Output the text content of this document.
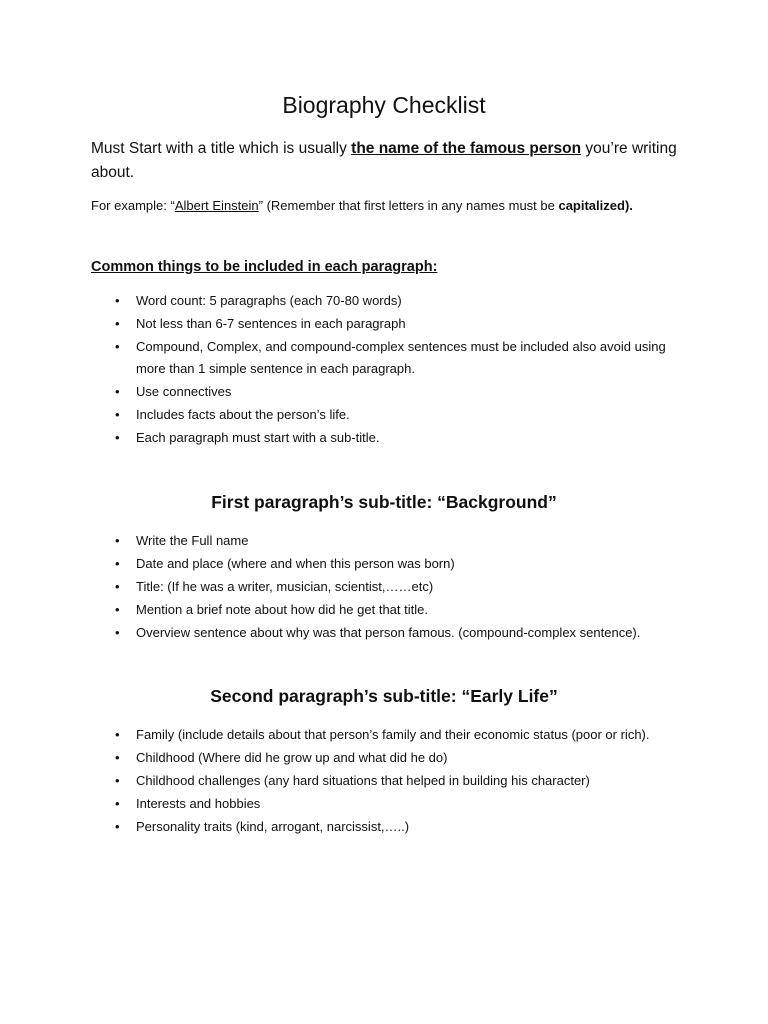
Biography Checklist

Must Start with a title which is usually the name of the famous person you’re writing about.

For example: “Albert Einstein” (Remember that first letters in any names must be capitalized).

Common things to be included in each paragraph:

• Word count: 5 paragraphs (each 70-80 words)
• Not less than 6-7 sentences in each paragraph
• Compound, Complex, and compound-complex sentences must be included also avoid using more than 1 simple sentence in each paragraph.
• Use connectives
• Includes facts about the person’s life.
• Each paragraph must start with a sub-title.
First paragraph’s sub-title: “Background”
• Write the Full name
• Date and place (where and when this person was born)
• Title: (If he was a writer, musician, scientist,……etc)
• Mention a brief note about how did he get that title.
• Overview sentence about why was that person famous. (compound-complex sentence).
Second paragraph’s sub-title: “Early Life”
• Family (include details about that person’s family and their economic status (poor or rich).
• Childhood (Where did he grow up and what did he do)
• Childhood challenges (any hard situations that helped in building his character)
• Interests and hobbies
• Personality traits (kind, arrogant, narcissist,…..)
